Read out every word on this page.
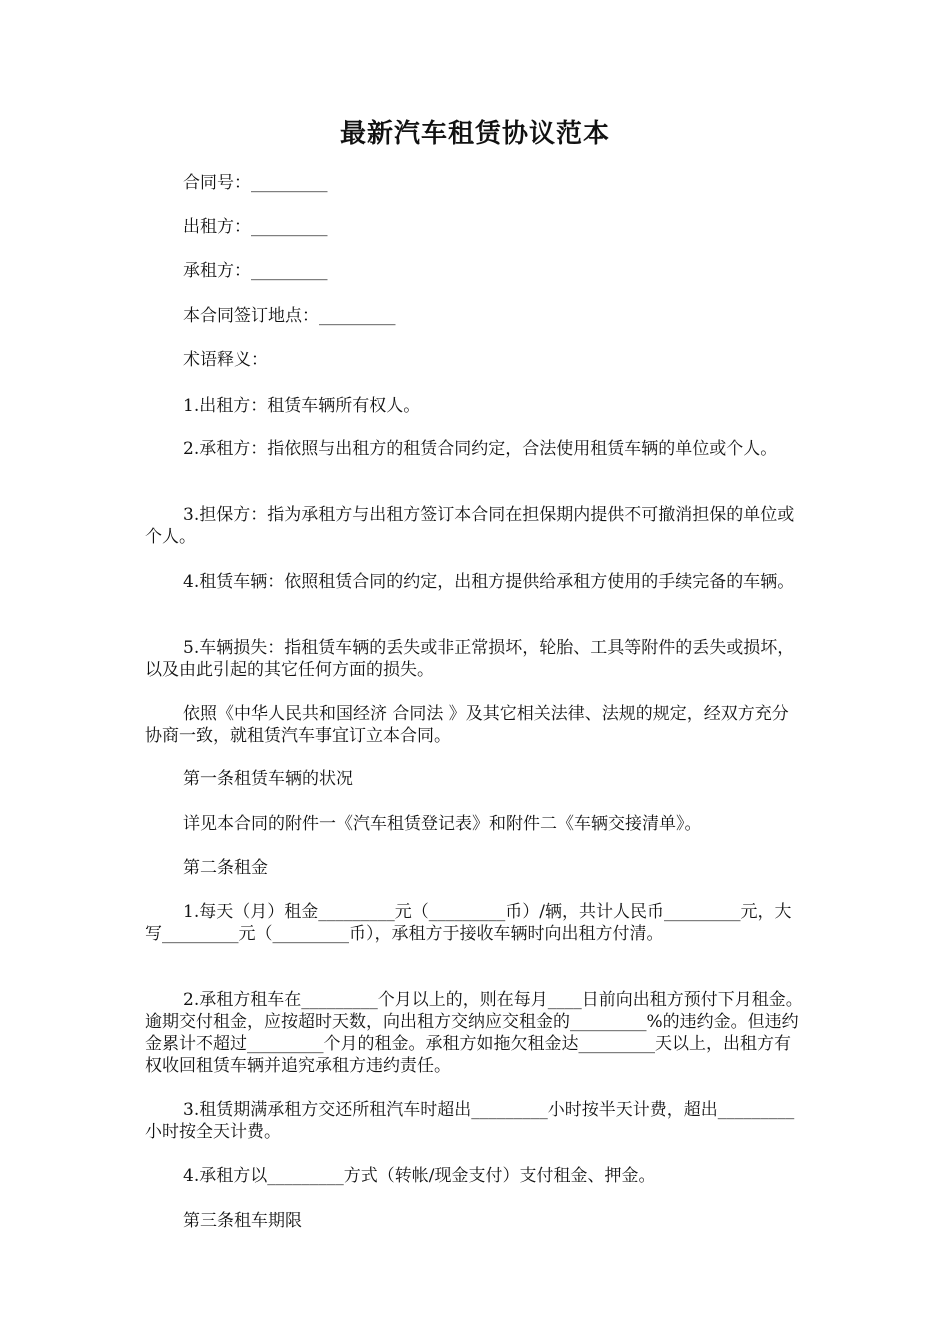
最新汽车租赁协议范本
合同号：_________
出租方：_________
承租方：_________
本合同签订地点：_________
术语释义：
1.出租方：租赁车辆所有权人。
2.承租方：指依照与出租方的租赁合同约定，合法使用租赁车辆的单位或个人。
3.担保方：指为承租方与出租方签订本合同在担保期内提供不可撤消担保的单位或个人。
4.租赁车辆：依照租赁合同的约定，出租方提供给承租方使用的手续完备的车辆。
5.车辆损失：指租赁车辆的丢失或非正常损坏，轮胎、工具等附件的丢失或损坏，以及由此引起的其它任何方面的损失。
依照《中华人民共和国经济 合同法 》及其它相关法律、法规的规定，经双方充分协商一致，就租赁汽车事宜订立本合同。
第一条租赁车辆的状况
详见本合同的附件一《汽车租赁登记表》和附件二《车辆交接清单》。
第二条租金
1.每天（月）租金_________元（_________币）/辆，共计人民币_________元，大写_________元（_________币），承租方于接收车辆时向出租方付清。
2.承租方租车在_________个月以上的，则在每月____日前向出租方预付下月租金。逾期交付租金，应按超时天数，向出租方交纳应交租金的_________%的违约金。但违约金累计不超过_________个月的租金。承租方如拖欠租金达_________天以上，出租方有权收回租赁车辆并追究承租方违约责任。
3.租赁期满承租方交还所租汽车时超出_________小时按半天计费，超出_________小时按全天计费。
4.承租方以_________方式（转帐/现金支付）支付租金、押金。
第三条租车期限
